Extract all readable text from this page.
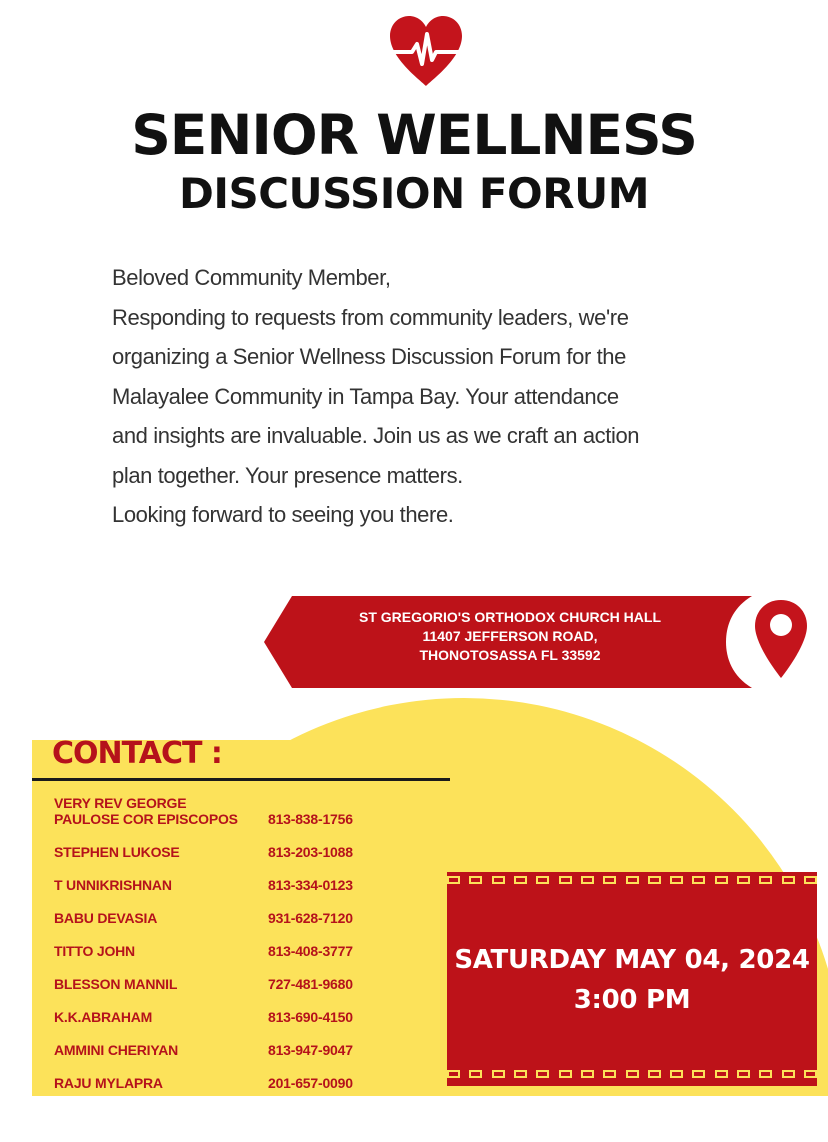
SENIOR WELLNESS
DISCUSSION FORUM
Beloved Community Member,
Responding to requests from community leaders, we're
organizing a Senior Wellness Discussion Forum for the
Malayalee Community in Tampa Bay. Your attendance
and insights are invaluable. Join us as we craft an action
plan together. Your presence matters.
Looking forward to seeing you there.
ST GREGORIO'S ORTHODOX CHURCH HALL
11407 JEFFERSON ROAD,
THONOTOSASSA FL 33592
CONTACT :
VERY REV GEORGE
PAULOSE COR EPISCOPOS	813-838-1756
STEPHEN LUKOSE	813-203-1088
T UNNIKRISHNAN	813-334-0123
BABU DEVASIA	931-628-7120
TITTO JOHN	813-408-3777
BLESSON MANNIL	727-481-9680
K.K.ABRAHAM	813-690-4150
AMMINI CHERIYAN	813-947-9047
RAJU MYLAPRA	201-657-0090
SATURDAY MAY 04, 2024
3:00 PM
